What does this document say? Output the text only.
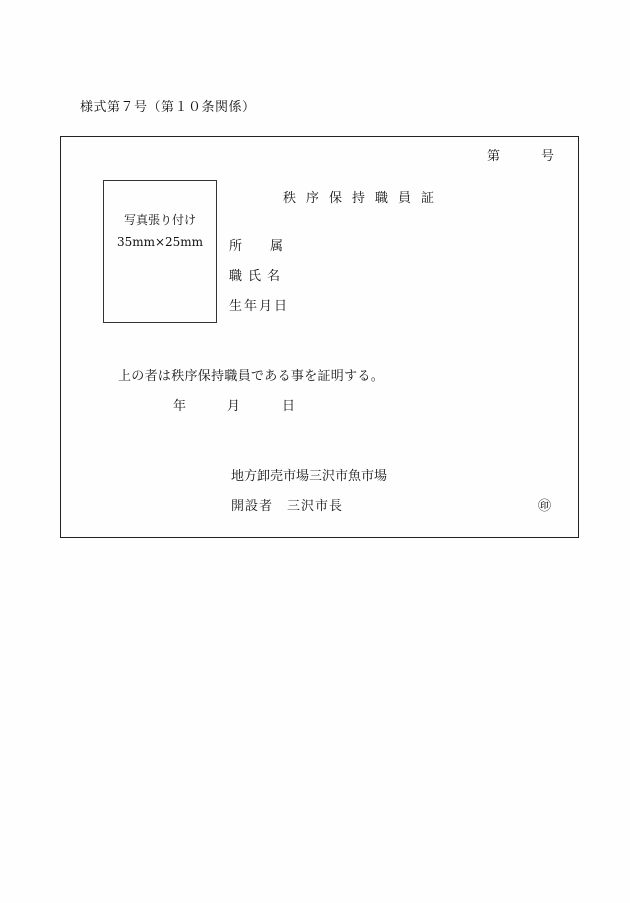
様式第７号（第１０条関係）
第	号
写真張り付け
35mm×25mm
秩序保持職員証
所属
職氏名
生年月日
上の者は秩序保持職員である事を証明する。
年	月	日
地方卸売市場三沢市魚市場
開設者　三沢市長	㊞
